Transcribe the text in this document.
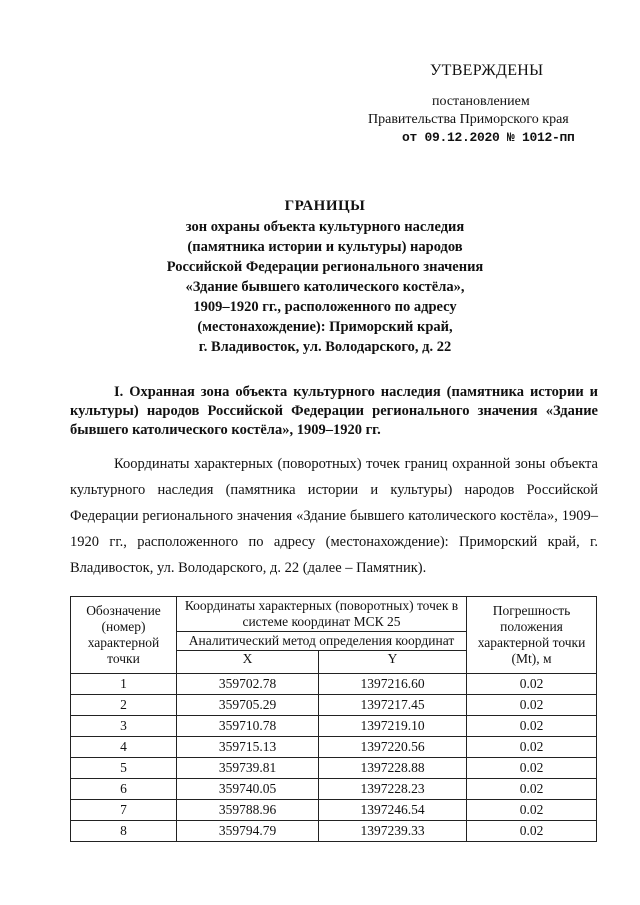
УТВЕРЖДЕНЫ
постановлением
Правительства Приморского края
от 09.12.2020 № 1012-пп
ГРАНИЦЫ
зон охраны объекта культурного наследия
(памятника истории и культуры) народов
Российской Федерации регионального значения
«Здание бывшего католического костёла»,
1909–1920 гг., расположенного по адресу
(местонахождение): Приморский край,
г. Владивосток, ул. Володарского, д. 22
I. Охранная зона объекта культурного наследия (памятника истории и культуры) народов Российской Федерации регионального значения «Здание бывшего католического костёла», 1909–1920 гг.
Координаты характерных (поворотных) точек границ охранной зоны объекта культурного наследия (памятника истории и культуры) народов Российской Федерации регионального значения «Здание бывшего католического костёла», 1909–1920 гг., расположенного по адресу (местонахождение): Приморский край, г. Владивосток, ул. Володарского, д. 22 (далее – Памятник).
Обозначение (номер) характерной точки	Координаты характерных (поворотных) точек в системе координат МСК 25		Погрешность положения характерной точки (Mt), м
	Аналитический метод определения координат		
	X	Y	
1	359702.78	1397216.60	0.02
2	359705.29	1397217.45	0.02
3	359710.78	1397219.10	0.02
4	359715.13	1397220.56	0.02
5	359739.81	1397228.88	0.02
6	359740.05	1397228.23	0.02
7	359788.96	1397246.54	0.02
8	359794.79	1397239.33	0.02
